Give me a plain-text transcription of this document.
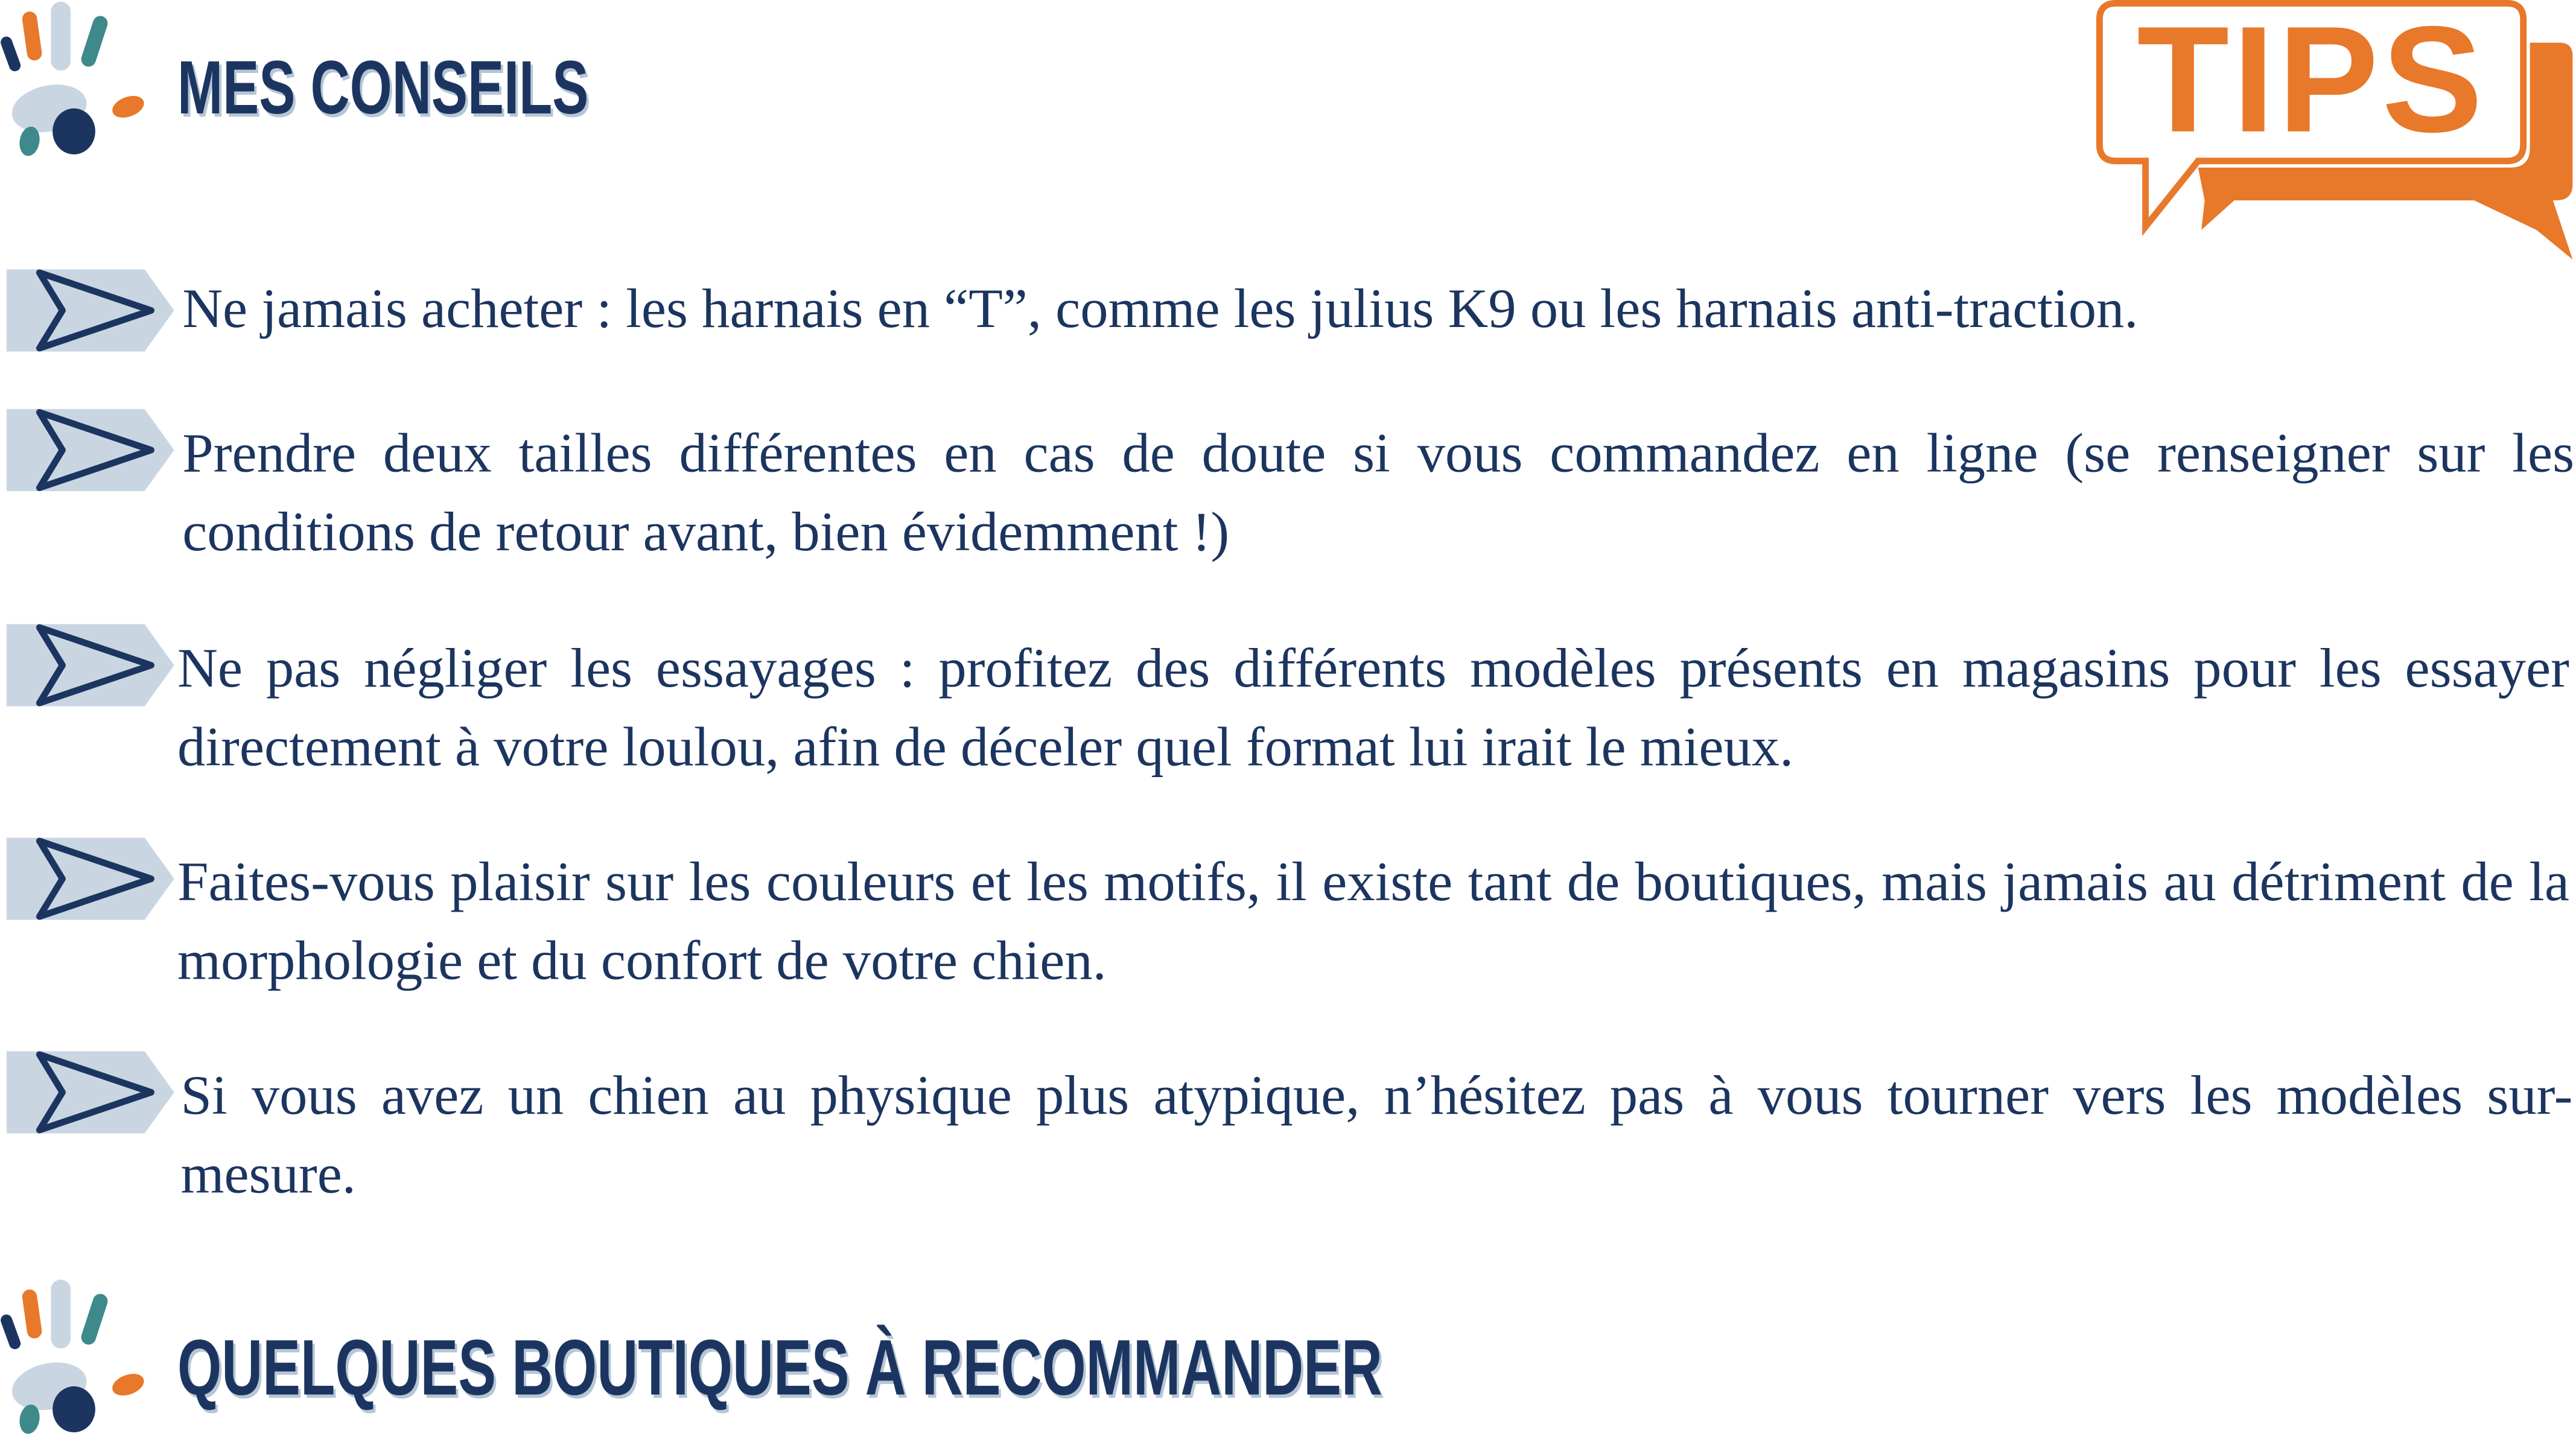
MES CONSEILS	TIPS

Ne jamais acheter : les harnais en “T”, comme les julius K9 ou les harnais anti-traction.

Prendre deux tailles différentes en cas de doute si vous commandez en ligne (se renseigner sur les conditions de retour avant, bien évidemment !)

Ne pas négliger les essayages : profitez des différents modèles présents en magasins pour les essayer directement à votre loulou, afin de déceler quel format lui irait le mieux.

Faites-vous plaisir sur les couleurs et les motifs, il existe tant de boutiques, mais jamais au détriment de la morphologie et du confort de votre chien.

Si vous avez un chien au physique plus atypique, n’hésitez pas à vous tourner vers les modèles sur-mesure.

QUELQUES BOUTIQUES À RECOMMANDER
